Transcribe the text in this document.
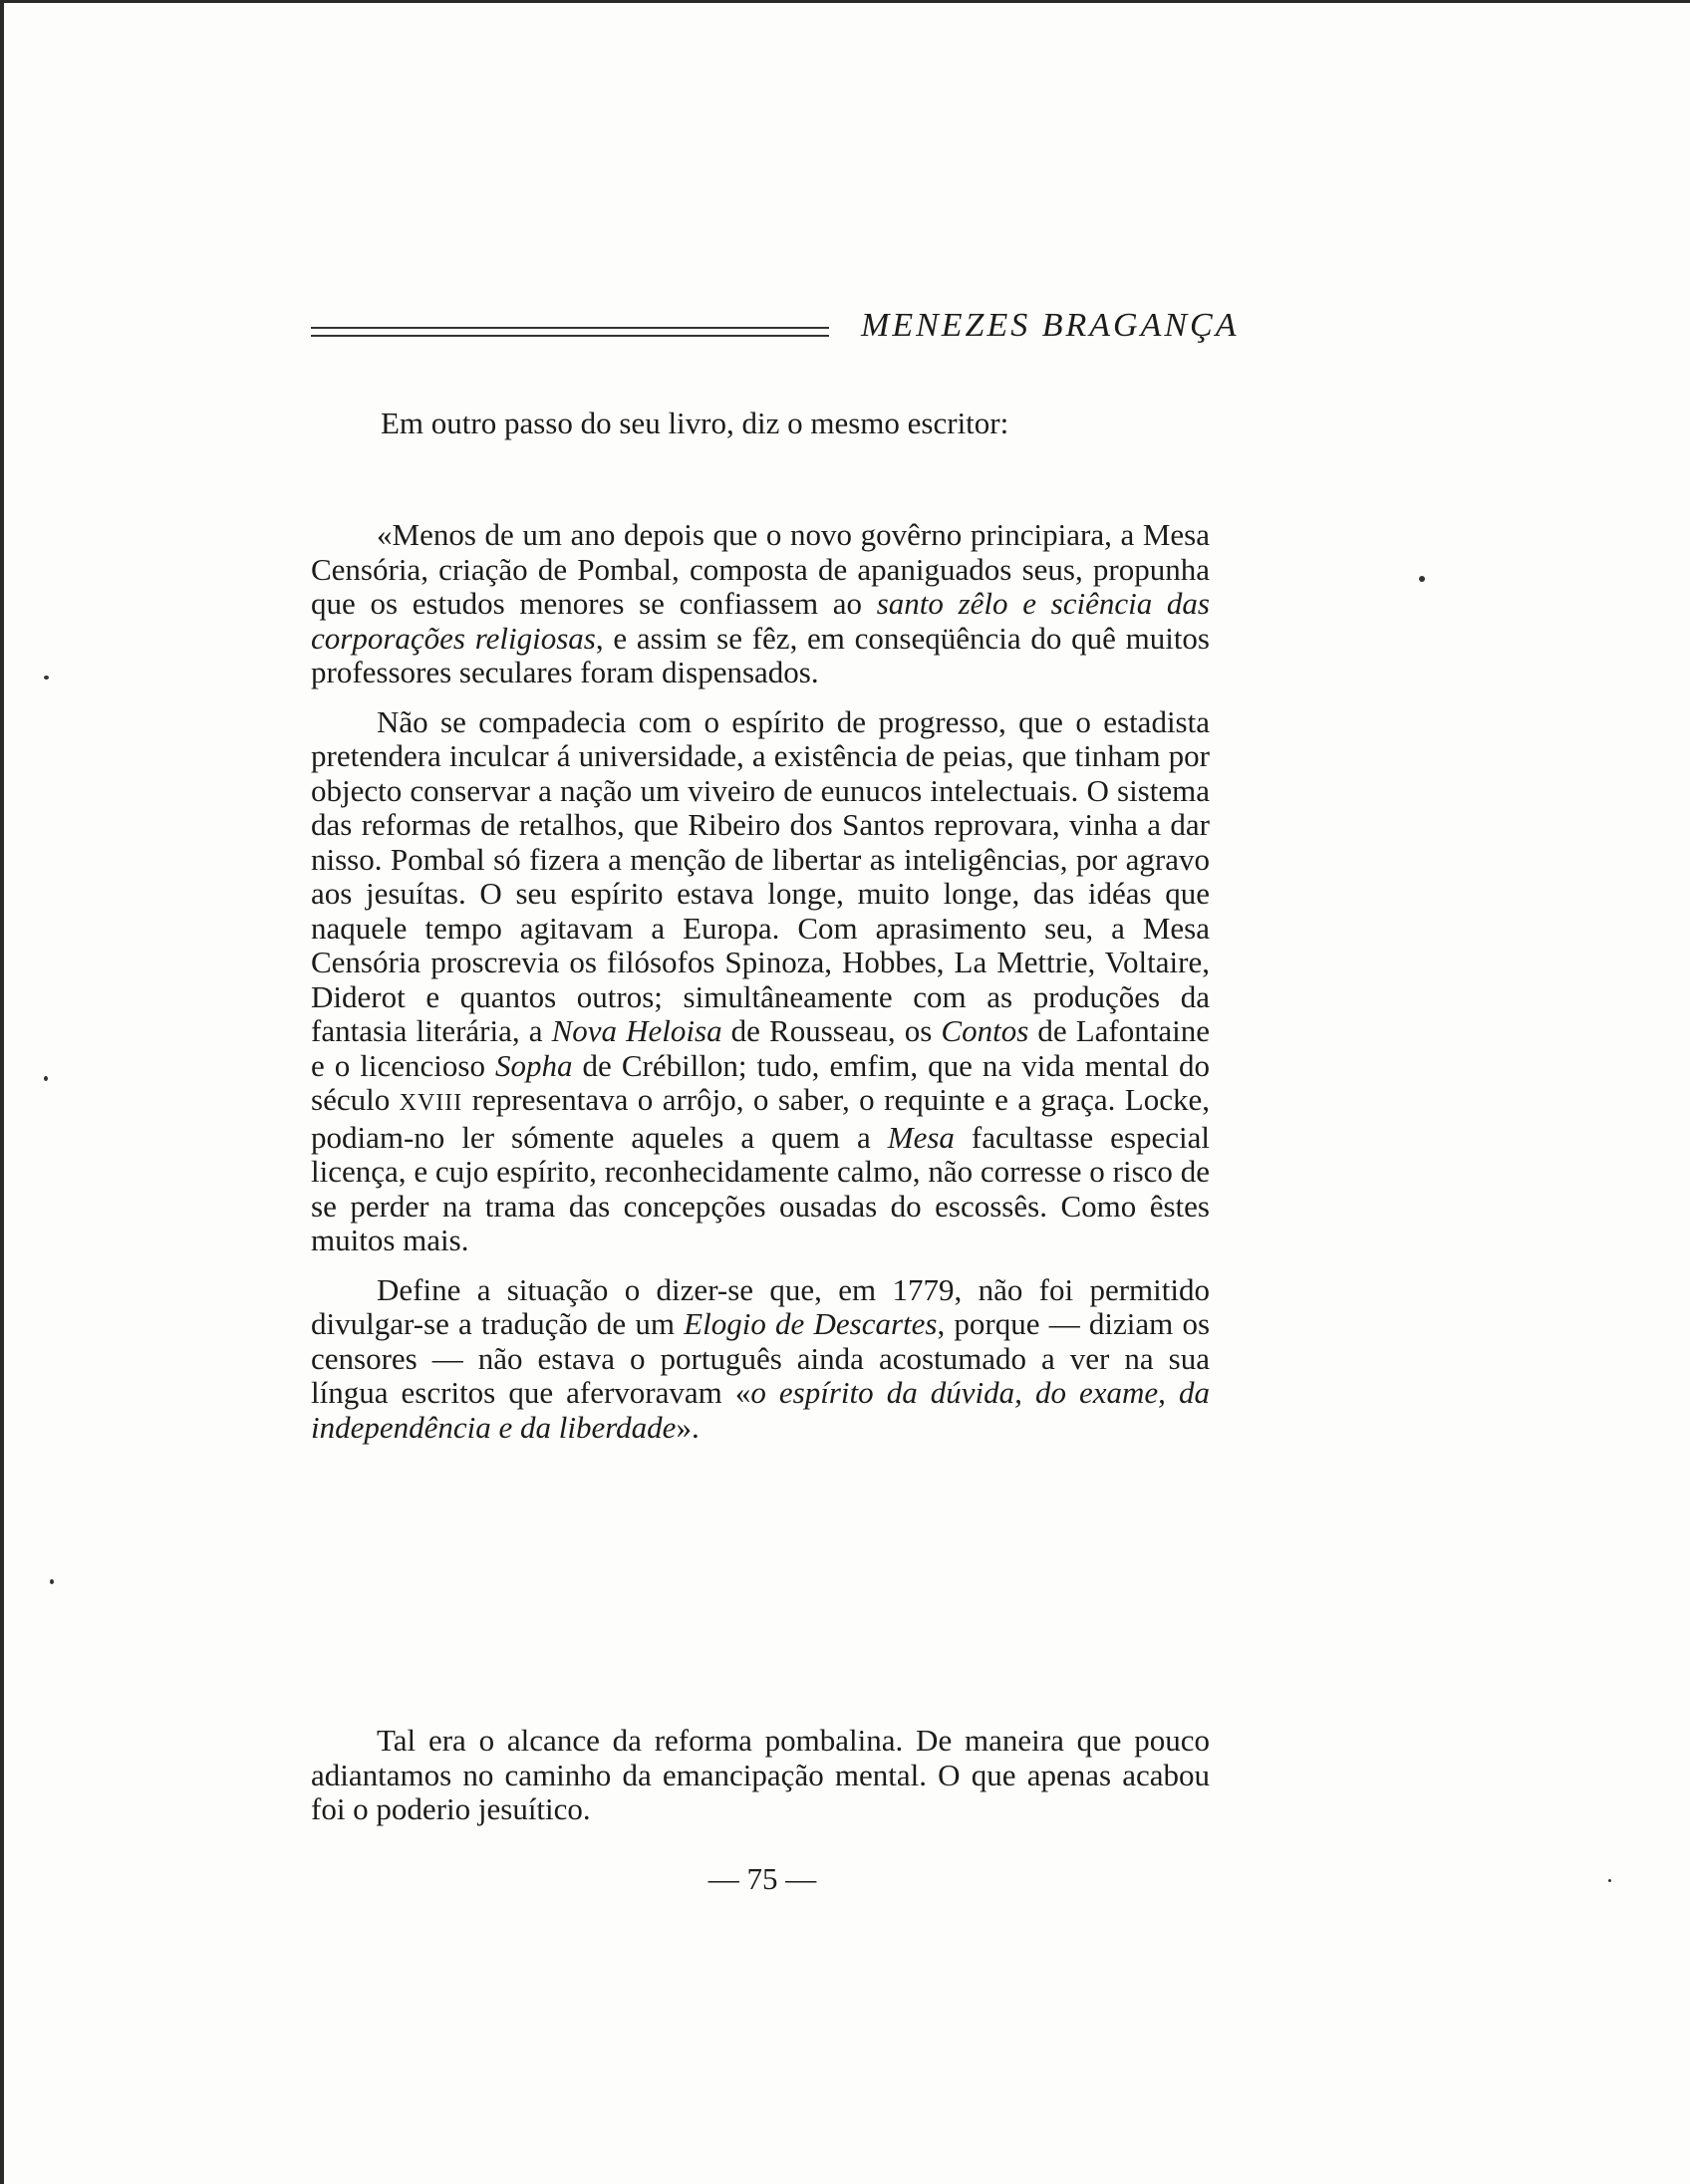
MENEZES BRAGANÇA

Em outro passo do seu livro, diz o mesmo escritor:

«Menos de um ano depois que o novo govêrno principiara, a Mesa Censória, criação de Pombal, composta de apaniguados seus, propunha que os estudos menores se confiassem ao santo zêlo e sciência das corporações religiosas, e assim se fêz, em conseqüência do quê muitos professores seculares foram dispensados.

Não se compadecia com o espírito de progresso, que o estadista pretendera inculcar á universidade, a existência de peias, que tinham por objecto conservar a nação um viveiro de eunucos intelectuais. O sistema das reformas de retalhos, que Ribeiro dos Santos reprovara, vinha a dar nisso. Pombal só fizera a menção de libertar as inteligências, por agravo aos jesuítas. O seu espírito estava longe, muito longe, das idéas que naquele tempo agitavam a Europa. Com aprasimento seu, a Mesa Censória proscrevia os filósofos Spinoza, Hobbes, La Mettrie, Voltaire, Diderot e quantos outros; simultâneamente com as produções da fantasia literária, a Nova Heloisa de Rousseau, os Contos de Lafontaine e o licencioso Sopha de Crébillon; tudo, emfim, que na vida mental do século XVIII representava o arrôjo, o saber, o requinte e a graça. Locke, podiam-no ler sómente aqueles a quem a Mesa facultasse especial licença, e cujo espírito, reconhecidamente calmo, não corresse o risco de se perder na trama das concepções ousadas do escossês. Como êstes muitos mais.

Define a situação o dizer-se que, em 1779, não foi permitido divulgar-se a tradução de um Elogio de Descartes, porque — diziam os censores — não estava o português ainda acostumado a ver na sua língua escritos que afervoravam «o espírito da dúvida, do exame, da independência e da liberdade».

Tal era o alcance da reforma pombalina. De maneira que pouco adiantamos no caminho da emancipação mental. O que apenas acabou foi o poderio jesuítico.

— 75 —
